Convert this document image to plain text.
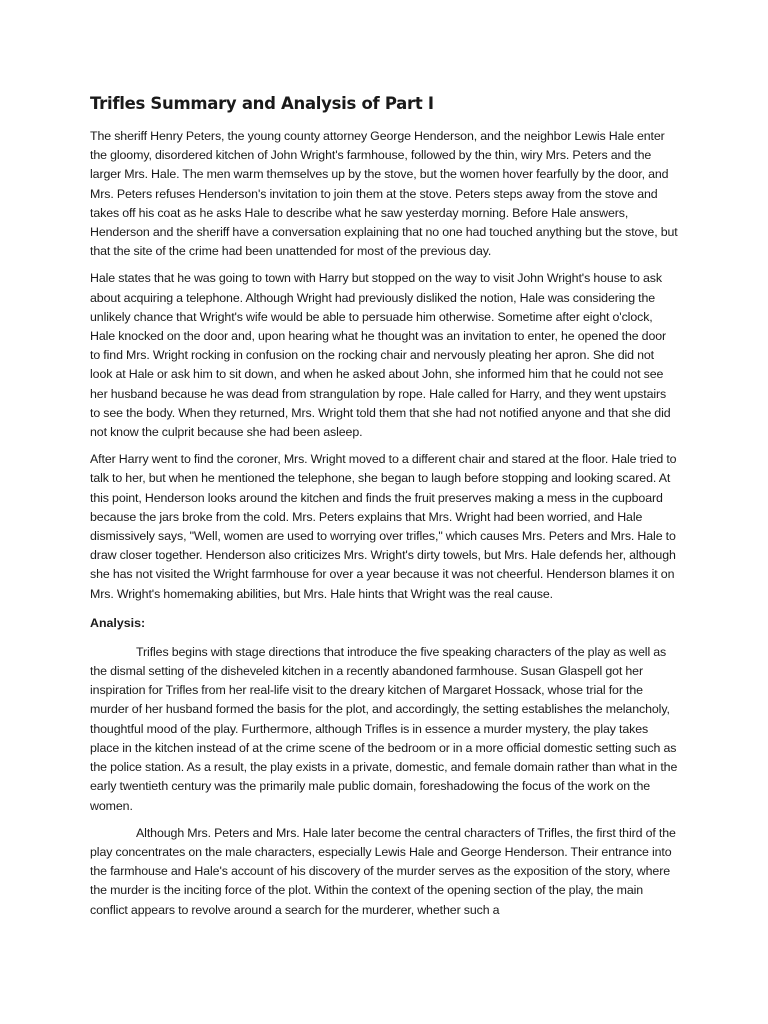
Trifles Summary and Analysis of Part I

The sheriff Henry Peters, the young county attorney George Henderson, and the neighbor Lewis Hale enter the gloomy, disordered kitchen of John Wright's farmhouse, followed by the thin, wiry Mrs. Peters and the larger Mrs. Hale. The men warm themselves up by the stove, but the women hover fearfully by the door, and Mrs. Peters refuses Henderson's invitation to join them at the stove. Peters steps away from the stove and takes off his coat as he asks Hale to describe what he saw yesterday morning. Before Hale answers, Henderson and the sheriff have a conversation explaining that no one had touched anything but the stove, but that the site of the crime had been unattended for most of the previous day.

Hale states that he was going to town with Harry but stopped on the way to visit John Wright's house to ask about acquiring a telephone. Although Wright had previously disliked the notion, Hale was considering the unlikely chance that Wright's wife would be able to persuade him otherwise. Sometime after eight o'clock, Hale knocked on the door and, upon hearing what he thought was an invitation to enter, he opened the door to find Mrs. Wright rocking in confusion on the rocking chair and nervously pleating her apron. She did not look at Hale or ask him to sit down, and when he asked about John, she informed him that he could not see her husband because he was dead from strangulation by rope. Hale called for Harry, and they went upstairs to see the body. When they returned, Mrs. Wright told them that she had not notified anyone and that she did not know the culprit because she had been asleep.

After Harry went to find the coroner, Mrs. Wright moved to a different chair and stared at the floor. Hale tried to talk to her, but when he mentioned the telephone, she began to laugh before stopping and looking scared. At this point, Henderson looks around the kitchen and finds the fruit preserves making a mess in the cupboard because the jars broke from the cold. Mrs. Peters explains that Mrs. Wright had been worried, and Hale dismissively says, "Well, women are used to worrying over trifles," which causes Mrs. Peters and Mrs. Hale to draw closer together. Henderson also criticizes Mrs. Wright's dirty towels, but Mrs. Hale defends her, although she has not visited the Wright farmhouse for over a year because it was not cheerful. Henderson blames it on Mrs. Wright's homemaking abilities, but Mrs. Hale hints that Wright was the real cause.

Analysis:

Trifles begins with stage directions that introduce the five speaking characters of the play as well as the dismal setting of the disheveled kitchen in a recently abandoned farmhouse. Susan Glaspell got her inspiration for Trifles from her real-life visit to the dreary kitchen of Margaret Hossack, whose trial for the murder of her husband formed the basis for the plot, and accordingly, the setting establishes the melancholy, thoughtful mood of the play. Furthermore, although Trifles is in essence a murder mystery, the play takes place in the kitchen instead of at the crime scene of the bedroom or in a more official domestic setting such as the police station. As a result, the play exists in a private, domestic, and female domain rather than what in the early twentieth century was the primarily male public domain, foreshadowing the focus of the work on the women.

Although Mrs. Peters and Mrs. Hale later become the central characters of Trifles, the first third of the play concentrates on the male characters, especially Lewis Hale and George Henderson. Their entrance into the farmhouse and Hale's account of his discovery of the murder serves as the exposition of the story, where the murder is the inciting force of the plot. Within the context of the opening section of the play, the main conflict appears to revolve around a search for the murderer, whether such a
